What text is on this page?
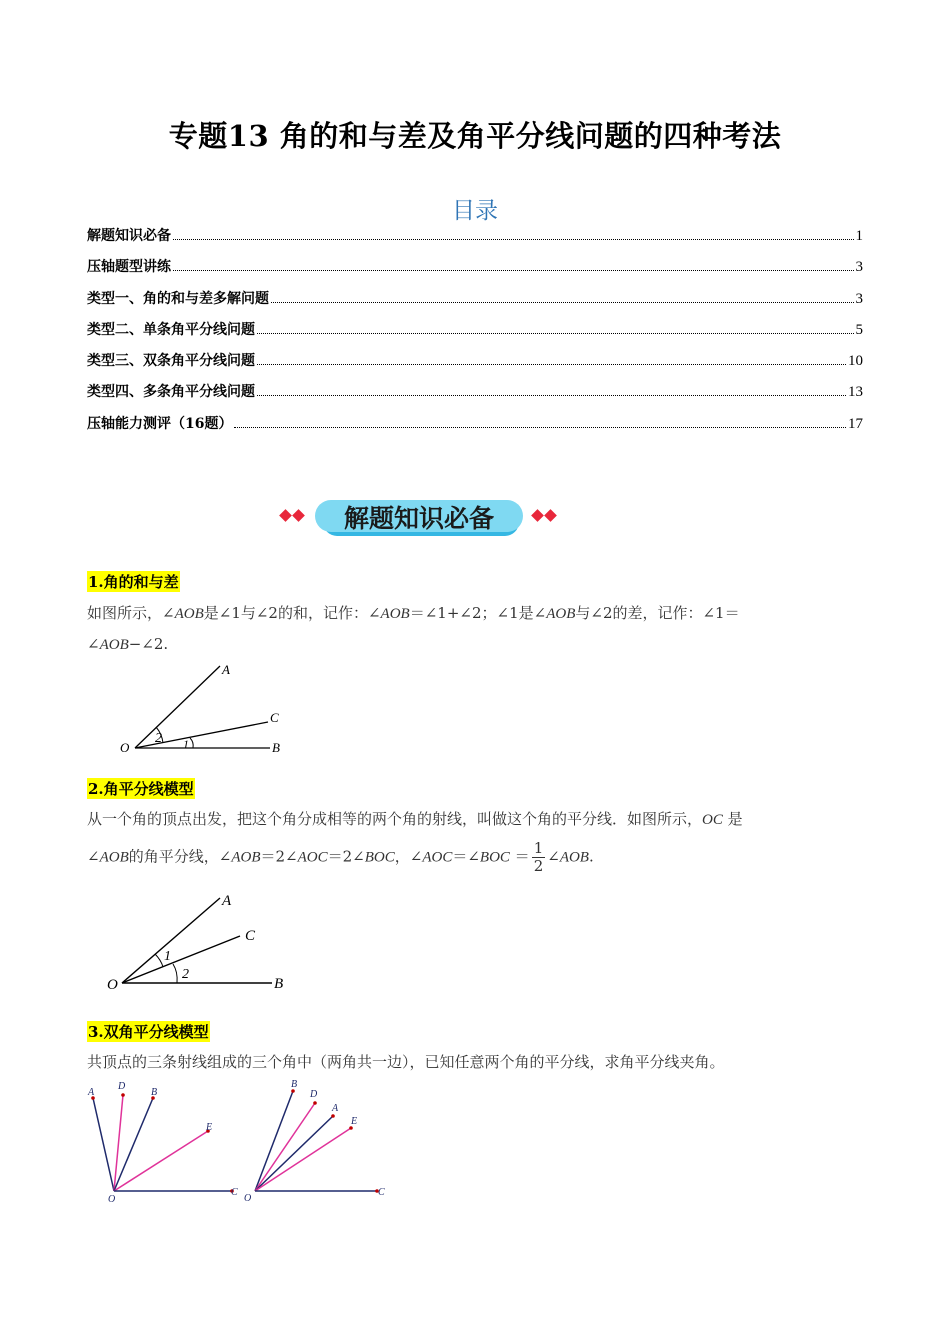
专题13 角的和与差及角平分线问题的四种考法
目录
解题知识必备	1
压轴题型讲练	3
类型一、角的和与差多解问题	3
类型二、单条角平分线问题	5
类型三、双条角平分线问题	10
类型四、多条角平分线问题	13
压轴能力测评（16题）	17
解题知识必备
1.角的和与差
如图所示，∠AOB是∠1与∠2的和，记作：∠AOB＝∠1+∠2；∠1是∠AOB与∠2的差，记作：∠1＝
∠AOB−∠2.
A
C
O	B
2 1
2.角平分线模型
从一个角的顶点出发，把这个角分成相等的两个角的射线，叫做这个角的平分线．如图所示，OC 是
∠AOB的角平分线，∠AOB＝2∠AOC＝2∠BOC，∠AOC＝∠BOC ＝ $\frac{1}{2}$ ∠AOB.
A
C
O	B
1
2
3.双角平分线模型
共顶点的三条射线组成的三个角中（两角共一边），已知任意两个角的平分线，求角平分线夹角。
A
D
B
E
O
C
B
D
A
E
O
C
